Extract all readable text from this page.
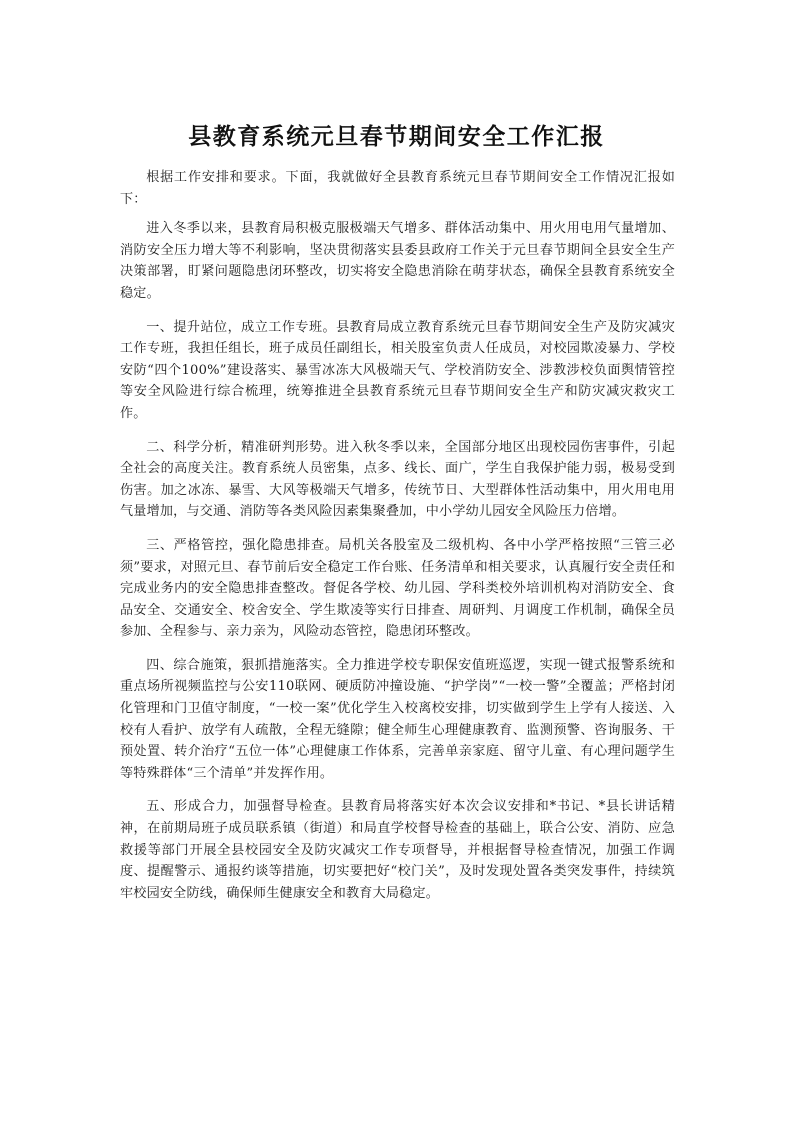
县教育系统元旦春节期间安全工作汇报

根据工作安排和要求。下面，我就做好全县教育系统元旦春节期间安全工作情况汇报如下：

进入冬季以来，县教育局积极克服极端天气增多、群体活动集中、用火用电用气量增加、消防安全压力增大等不利影响，坚决贯彻落实县委县政府工作关于元旦春节期间全县安全生产决策部署，盯紧问题隐患闭环整改，切实将安全隐患消除在萌芽状态，确保全县教育系统安全稳定。

一、提升站位，成立工作专班。县教育局成立教育系统元旦春节期间安全生产及防灾减灾工作专班，我担任组长，班子成员任副组长，相关股室负责人任成员，对校园欺凌暴力、学校安防“四个100%”建设落实、暴雪冰冻大风极端天气、学校消防安全、涉教涉校负面舆情管控等安全风险进行综合梳理，统筹推进全县教育系统元旦春节期间安全生产和防灾减灾救灾工作。

二、科学分析，精准研判形势。进入秋冬季以来，全国部分地区出现校园伤害事件，引起全社会的高度关注。教育系统人员密集，点多、线长、面广，学生自我保护能力弱，极易受到伤害。加之冰冻、暴雪、大风等极端天气增多，传统节日、大型群体性活动集中，用火用电用气量增加，与交通、消防等各类风险因素集聚叠加，中小学幼儿园安全风险压力倍增。

三、严格管控，强化隐患排查。局机关各股室及二级机构、各中小学严格按照“三管三必须”要求，对照元旦、春节前后安全稳定工作台账、任务清单和相关要求，认真履行安全责任和完成业务内的安全隐患排查整改。督促各学校、幼儿园、学科类校外培训机构对消防安全、食品安全、交通安全、校舍安全、学生欺凌等实行日排查、周研判、月调度工作机制，确保全员参加、全程参与、亲力亲为，风险动态管控，隐患闭环整改。

四、综合施策，狠抓措施落实。全力推进学校专职保安值班巡逻，实现一键式报警系统和重点场所视频监控与公安110联网、硬质防冲撞设施、“护学岗”“一校一警”全覆盖；严格封闭化管理和门卫值守制度，“一校一案”优化学生入校离校安排，切实做到学生上学有人接送、入校有人看护、放学有人疏散，全程无缝隙；健全师生心理健康教育、监测预警、咨询服务、干预处置、转介治疗“五位一体”心理健康工作体系，完善单亲家庭、留守儿童、有心理问题学生等特殊群体“三个清单”并发挥作用。

五、形成合力，加强督导检查。县教育局将落实好本次会议安排和*书记、*县长讲话精神，在前期局班子成员联系镇（街道）和局直学校督导检查的基础上，联合公安、消防、应急救援等部门开展全县校园安全及防灾减灾工作专项督导，并根据督导检查情况，加强工作调度、提醒警示、通报约谈等措施，切实要把好“校门关”，及时发现处置各类突发事件，持续筑牢校园安全防线，确保师生健康安全和教育大局稳定。
